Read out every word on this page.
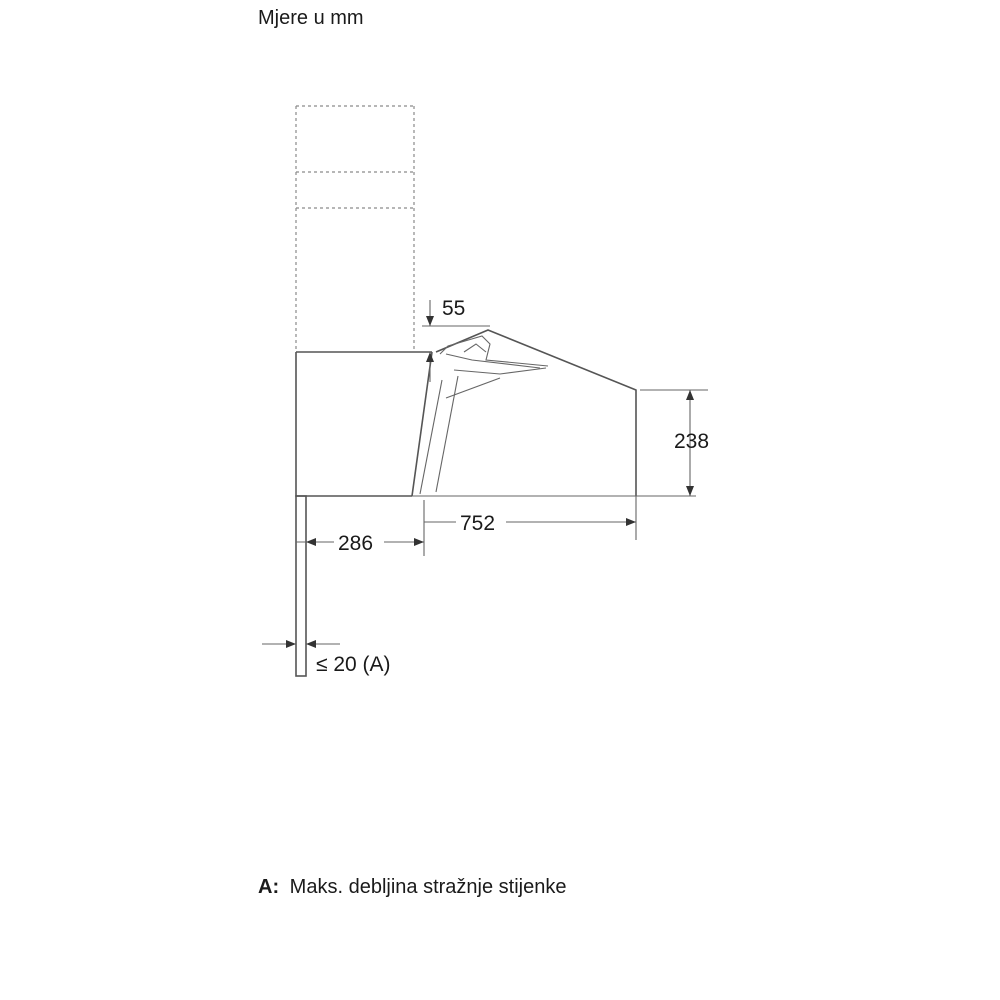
Mjere u mm
55
238
752
286
≤ 20 (A)
A: Maks. debljina stražnje stijenke
